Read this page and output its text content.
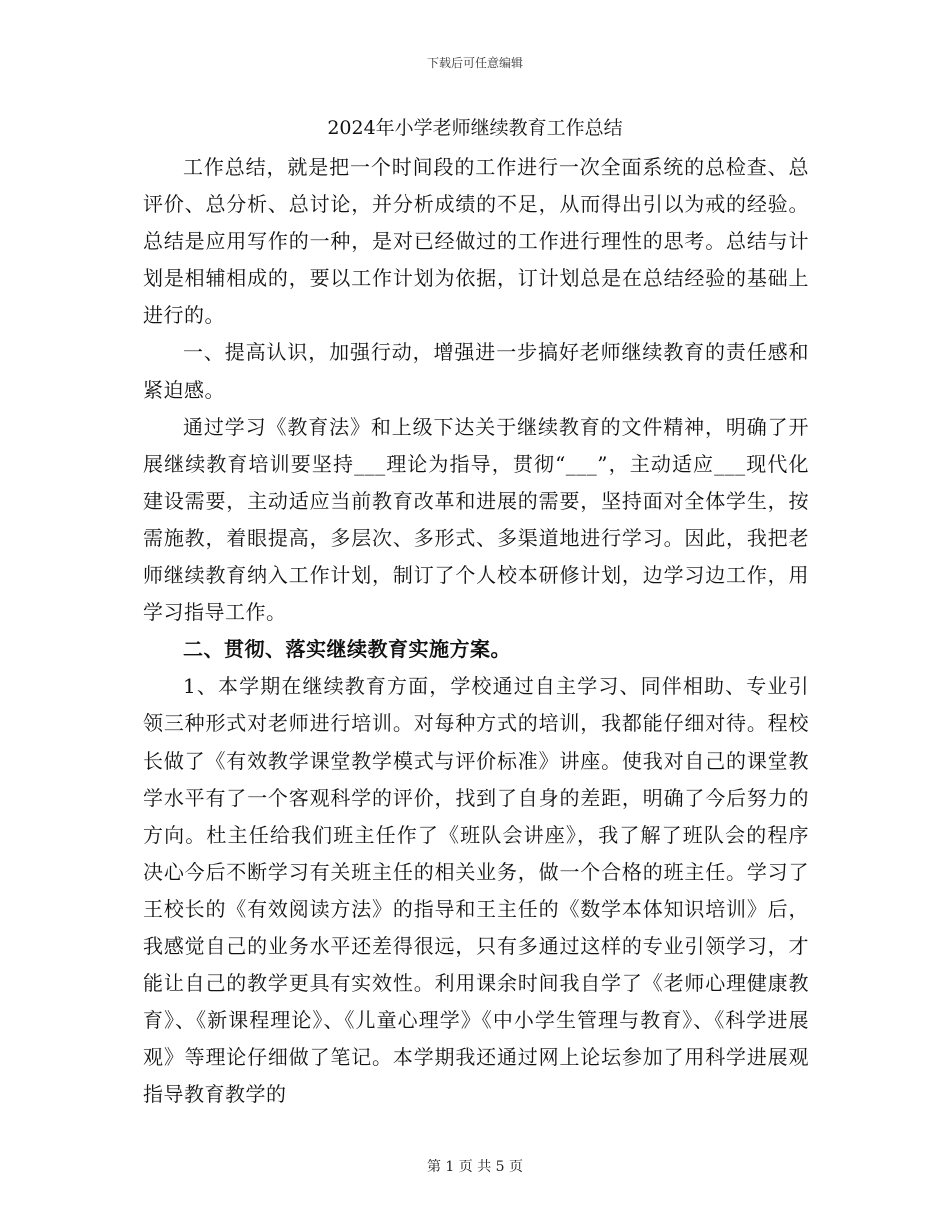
下载后可任意编辑
2024年小学老师继续教育工作总结

工作总结，就是把一个时间段的工作进行一次全面系统的总检查、总评价、总分析、总讨论，并分析成绩的不足，从而得出引以为戒的经验。总结是应用写作的一种，是对已经做过的工作进行理性的思考。总结与计划是相辅相成的，要以工作计划为依据，订计划总是在总结经验的基础上进行的。

一、提高认识，加强行动，增强进一步搞好老师继续教育的责任感和紧迫感。

通过学习《教育法》和上级下达关于继续教育的文件精神，明确了开展继续教育培训要坚持___理论为指导，贯彻“___”，主动适应___现代化建设需要，主动适应当前教育改革和进展的需要，坚持面对全体学生，按需施教，着眼提高，多层次、多形式、多渠道地进行学习。因此，我把老师继续教育纳入工作计划，制订了个人校本研修计划，边学习边工作，用学习指导工作。

二、贯彻、落实继续教育实施方案。

1、本学期在继续教育方面，学校通过自主学习、同伴相助、专业引领三种形式对老师进行培训。对每种方式的培训，我都能仔细对待。程校长做了《有效教学课堂教学模式与评价标准》讲座。使我对自己的课堂教学水平有了一个客观科学的评价，找到了自身的差距，明确了今后努力的方向。杜主任给我们班主任作了《班队会讲座》，我了解了班队会的程序决心今后不断学习有关班主任的相关业务，做一个合格的班主任。学习了王校长的《有效阅读方法》的指导和王主任的《数学本体知识培训》后，我感觉自己的业务水平还差得很远，只有多通过这样的专业引领学习，才能让自己的教学更具有实效性。利用课余时间我自学了《老师心理健康教育》、《新课程理论》、《儿童心理学》《中小学生管理与教育》、《科学进展观》等理论仔细做了笔记。本学期我还通过网上论坛参加了用科学进展观指导教育教学的

第 1 页 共 5 页
